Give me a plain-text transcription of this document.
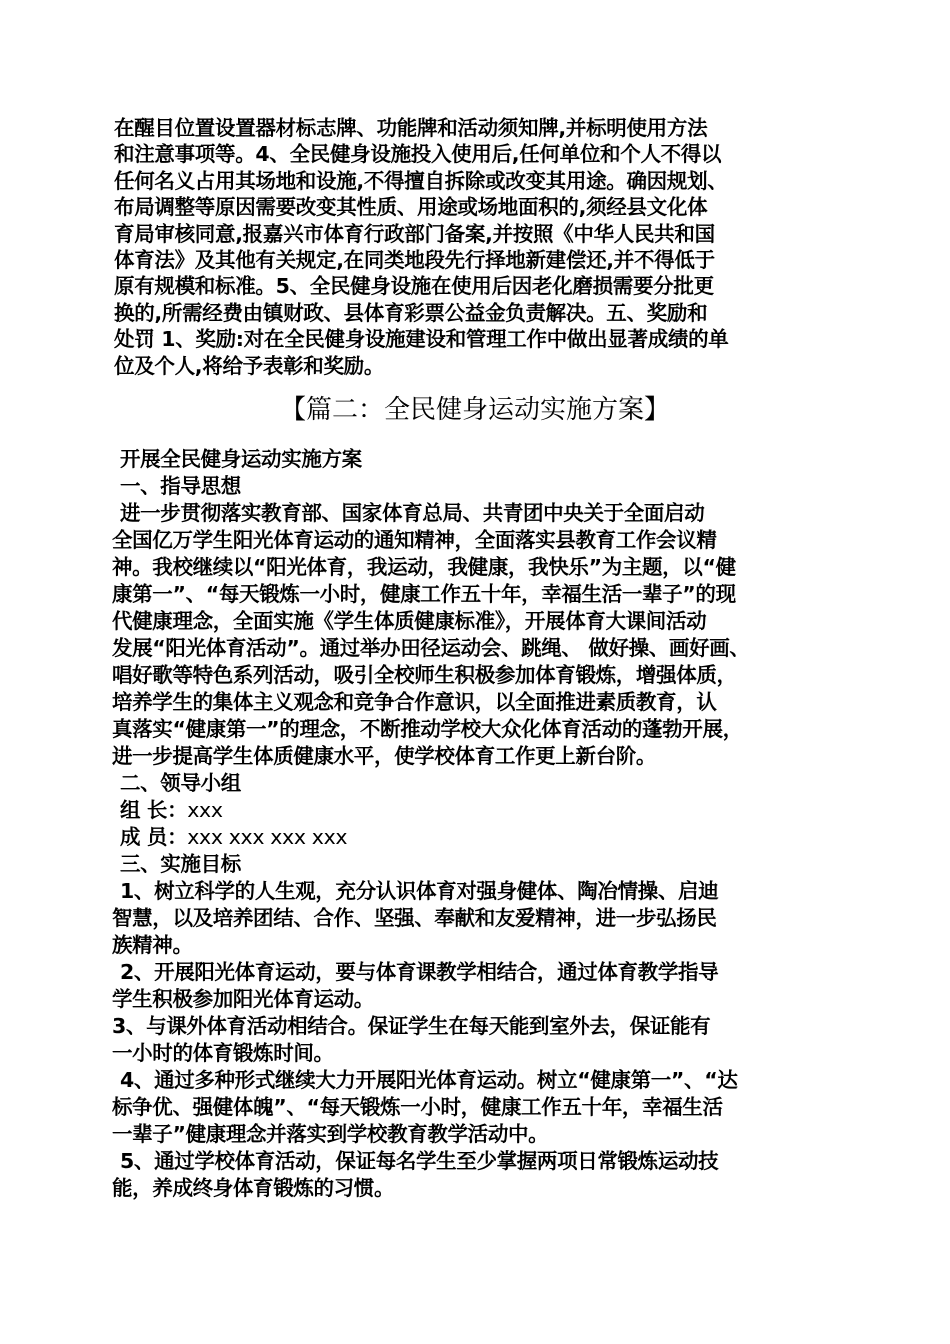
在醒目位置设置器材标志牌、功能牌和活动须知牌,并标明使用方法

和注意事项等。4、全民健身设施投入使用后,任何单位和个人不得以

任何名义占用其场地和设施,不得擅自拆除或改变其用途。确因规划、

布局调整等原因需要改变其性质、用途或场地面积的,须经县文化体

育局审核同意,报嘉兴市体育行政部门备案,并按照《中华人民共和国

体育法》及其他有关规定,在同类地段先行择地新建偿还,并不得低于

原有规模和标准。5、全民健身设施在使用后因老化磨损需要分批更

换的,所需经费由镇财政、县体育彩票公益金负责解决。五、奖励和

处罚 1、奖励:对在全民健身设施建设和管理工作中做出显著成绩的单

位及个人,将给予表彰和奖励。

【篇二：全民健身运动实施方案】

开展全民健身运动实施方案

一、指导思想

进一步贯彻落实教育部、国家体育总局、共青团中央关于全面启动

全国亿万学生阳光体育运动的通知精神，全面落实县教育工作会议精

神。我校继续以“阳光体育，我运动，我健康，我快乐”为主题，以“健

康第一”、“每天锻炼一小时，健康工作五十年，幸福生活一辈子”的现

代健康理念，全面实施《学生体质健康标准》，开展体育大课间活动

发展“阳光体育活动”。通过举办田径运动会、跳绳、 做好操、画好画、

唱好歌等特色系列活动，吸引全校师生积极参加体育锻炼，增强体质，

培养学生的集体主义观念和竞争合作意识，以全面推进素质教育，认

真落实“健康第一”的理念，不断推动学校大众化体育活动的蓬勃开展，

进一步提高学生体质健康水平，使学校体育工作更上新台阶。

二、领导小组

组 长：xxx

成 员：xxx xxx xxx xxx

三、实施目标

1、树立科学的人生观，充分认识体育对强身健体、陶冶情操、启迪

智慧，以及培养团结、合作、坚强、奉献和友爱精神，进一步弘扬民

族精神。

2、开展阳光体育运动，要与体育课教学相结合，通过体育教学指导

学生积极参加阳光体育运动。

3、与课外体育活动相结合。保证学生在每天能到室外去，保证能有

一小时的体育锻炼时间。

4、通过多种形式继续大力开展阳光体育运动。树立“健康第一”、“达

标争优、强健体魄”、“每天锻炼一小时，健康工作五十年，幸福生活

一辈子”健康理念并落实到学校教育教学活动中。

5、通过学校体育活动，保证每名学生至少掌握两项日常锻炼运动技

能，养成终身体育锻炼的习惯。
